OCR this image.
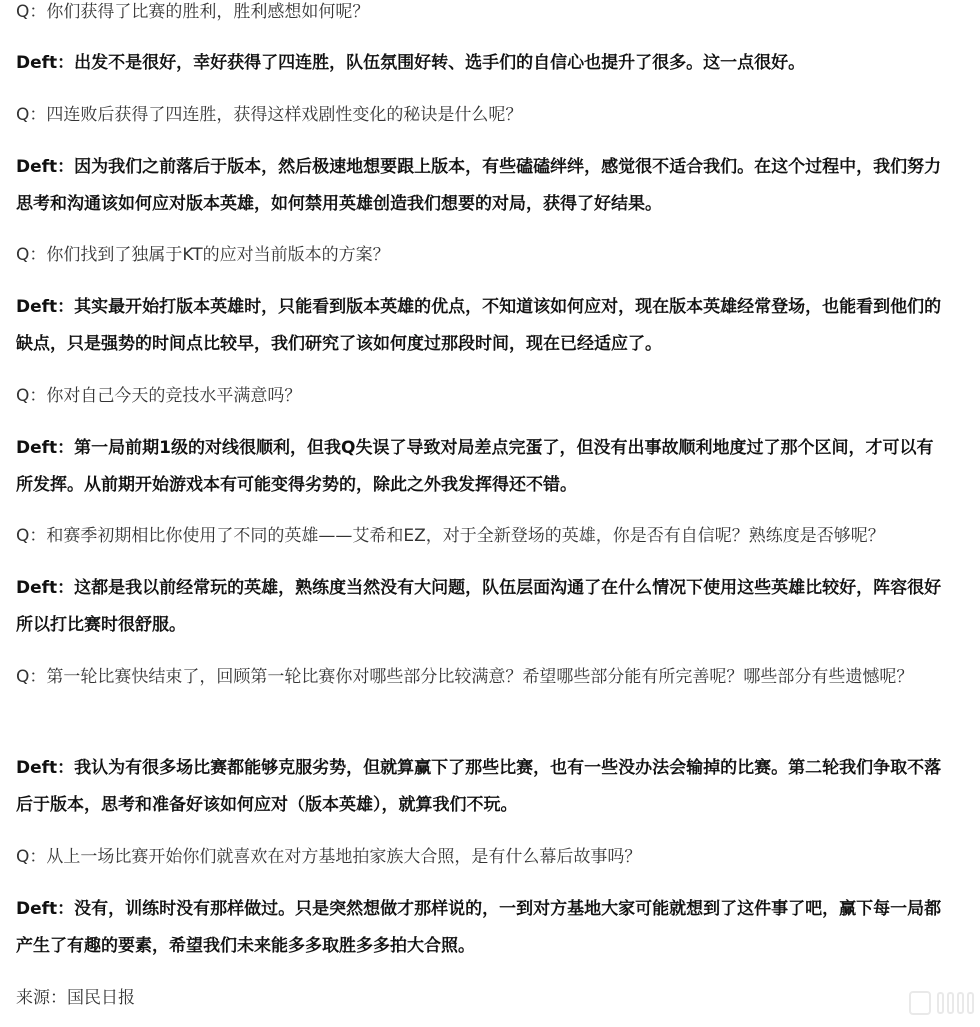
Q：你们获得了比赛的胜利，胜利感想如何呢？

Deft：出发不是很好，幸好获得了四连胜，队伍氛围好转、选手们的自信心也提升了很多。这一点很好。

Q：四连败后获得了四连胜，获得这样戏剧性变化的秘诀是什么呢？

Deft：因为我们之前落后于版本，然后极速地想要跟上版本，有些磕磕绊绊，感觉很不适合我们。在这个过程中，我们努力思考和沟通该如何应对版本英雄，如何禁用英雄创造我们想要的对局，获得了好结果。

Q：你们找到了独属于KT的应对当前版本的方案？

Deft：其实最开始打版本英雄时，只能看到版本英雄的优点，不知道该如何应对，现在版本英雄经常登场，也能看到他们的缺点，只是强势的时间点比较早，我们研究了该如何度过那段时间，现在已经适应了。

Q：你对自己今天的竞技水平满意吗？

Deft：第一局前期1级的对线很顺利，但我Q失误了导致对局差点完蛋了，但没有出事故顺利地度过了那个区间，才可以有所发挥。从前期开始游戏本有可能变得劣势的，除此之外我发挥得还不错。

Q：和赛季初期相比你使用了不同的英雄——艾希和EZ，对于全新登场的英雄，你是否有自信呢？熟练度是否够呢？

Deft：这都是我以前经常玩的英雄，熟练度当然没有大问题，队伍层面沟通了在什么情况下使用这些英雄比较好，阵容很好所以打比赛时很舒服。

Q：第一轮比赛快结束了，回顾第一轮比赛你对哪些部分比较满意？希望哪些部分能有所完善呢？哪些部分有些遗憾呢？

Deft：我认为有很多场比赛都能够克服劣势，但就算赢下了那些比赛，也有一些没办法会输掉的比赛。第二轮我们争取不落后于版本，思考和准备好该如何应对（版本英雄），就算我们不玩。

Q：从上一场比赛开始你们就喜欢在对方基地拍家族大合照，是有什么幕后故事吗？

Deft：没有，训练时没有那样做过。只是突然想做才那样说的，一到对方基地大家可能就想到了这件事了吧，赢下每一局都产生了有趣的要素，希望我们未来能多多取胜多多拍大合照。

来源：国民日报
